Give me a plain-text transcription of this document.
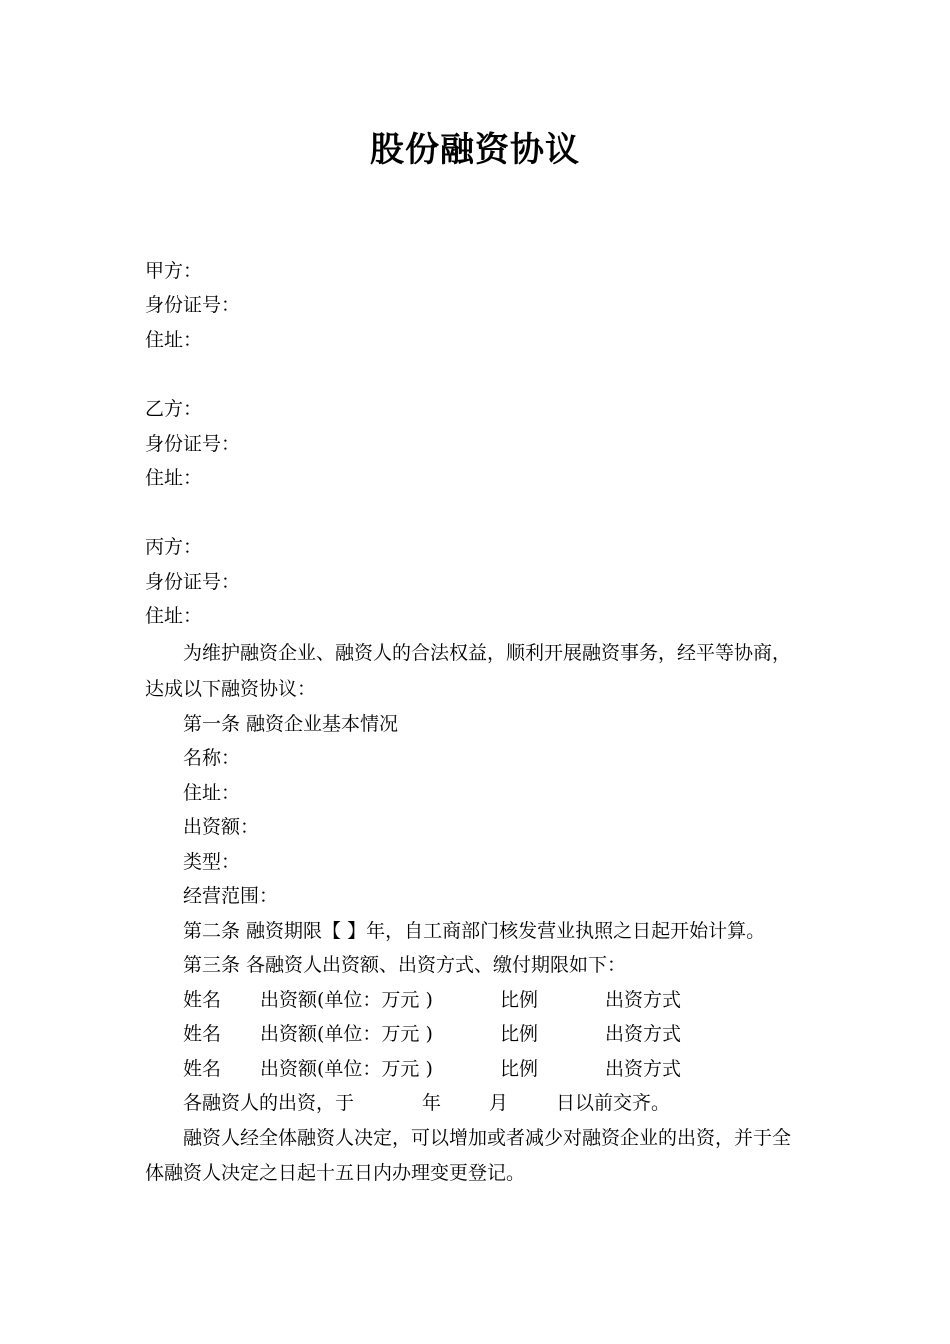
股份融资协议
甲方：
身份证号：
住址：
乙方：
身份证号：
住址：
丙方：
身份证号：
住址：
为维护融资企业、融资人的合法权益，顺利开展融资事务，经平等协商，
达成以下融资协议：
第一条 融资企业基本情况
名称：
住址：
出资额：
类型：
经营范围：
第二条 融资期限【 】年，自工商部门核发营业执照之日起开始计算。
第三条 各融资人出资额、出资方式、缴付期限如下：
姓名 出资额(单位：万元 )	比例	出资方式
姓名 出资额(单位：万元 )	比例	出资方式
姓名 出资额(单位：万元 )	比例	出资方式
各融资人的出资，于	年	月	日以前交齐。
融资人经全体融资人决定，可以增加或者减少对融资企业的出资，并于全
体融资人决定之日起十五日内办理变更登记。
